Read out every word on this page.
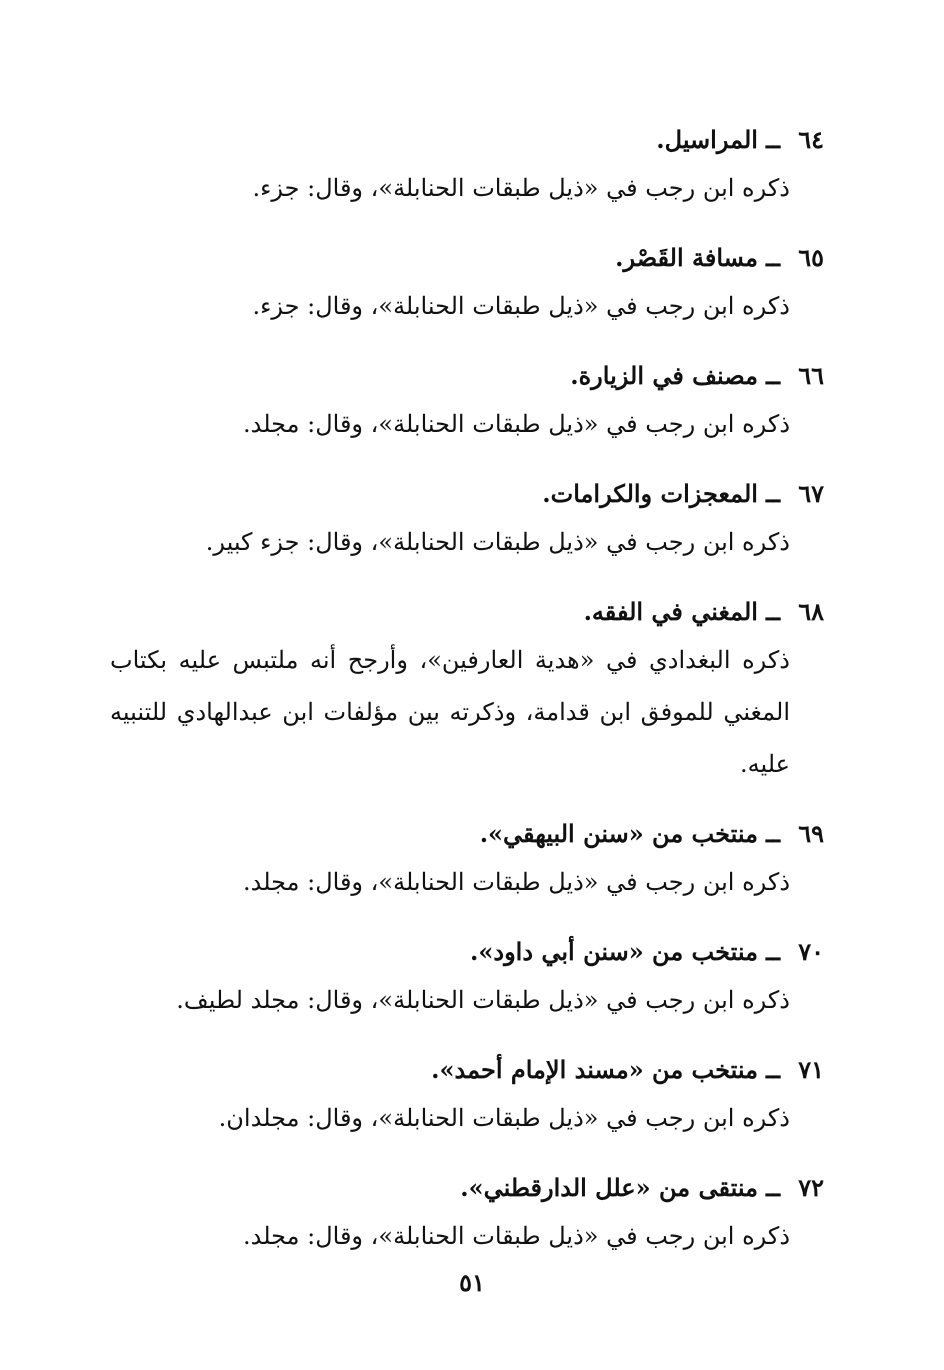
٦٤ــالمراسيل.
ذكره ابن رجب في «ذيل طبقات الحنابلة»، وقال: جزء.
٦٥ــمسافة القَصْر.
ذكره ابن رجب في «ذيل طبقات الحنابلة»، وقال: جزء.
٦٦ــمصنف في الزيارة.
ذكره ابن رجب في «ذيل طبقات الحنابلة»، وقال: مجلد.
٦٧ــالمعجزات والكرامات.
ذكره ابن رجب في «ذيل طبقات الحنابلة»، وقال: جزء كبير.
٦٨ــالمغني في الفقه.
ذكره البغدادي في «هدية العارفين»، وأرجح أنه ملتبس عليه بكتاب المغني للموفق ابن قدامة، وذكرته بين مؤلفات ابن عبدالهادي للتنبيه عليه.
٦٩ــمنتخب من «سنن البيهقي».
ذكره ابن رجب في «ذيل طبقات الحنابلة»، وقال: مجلد.
٧٠ــمنتخب من «سنن أبي داود».
ذكره ابن رجب في «ذيل طبقات الحنابلة»، وقال: مجلد لطيف.
٧١ــمنتخب من «مسند الإمام أحمد».
ذكره ابن رجب في «ذيل طبقات الحنابلة»، وقال: مجلدان.
٧٢ــمنتقى من «علل الدارقطني».
ذكره ابن رجب في «ذيل طبقات الحنابلة»، وقال: مجلد.
٥١
